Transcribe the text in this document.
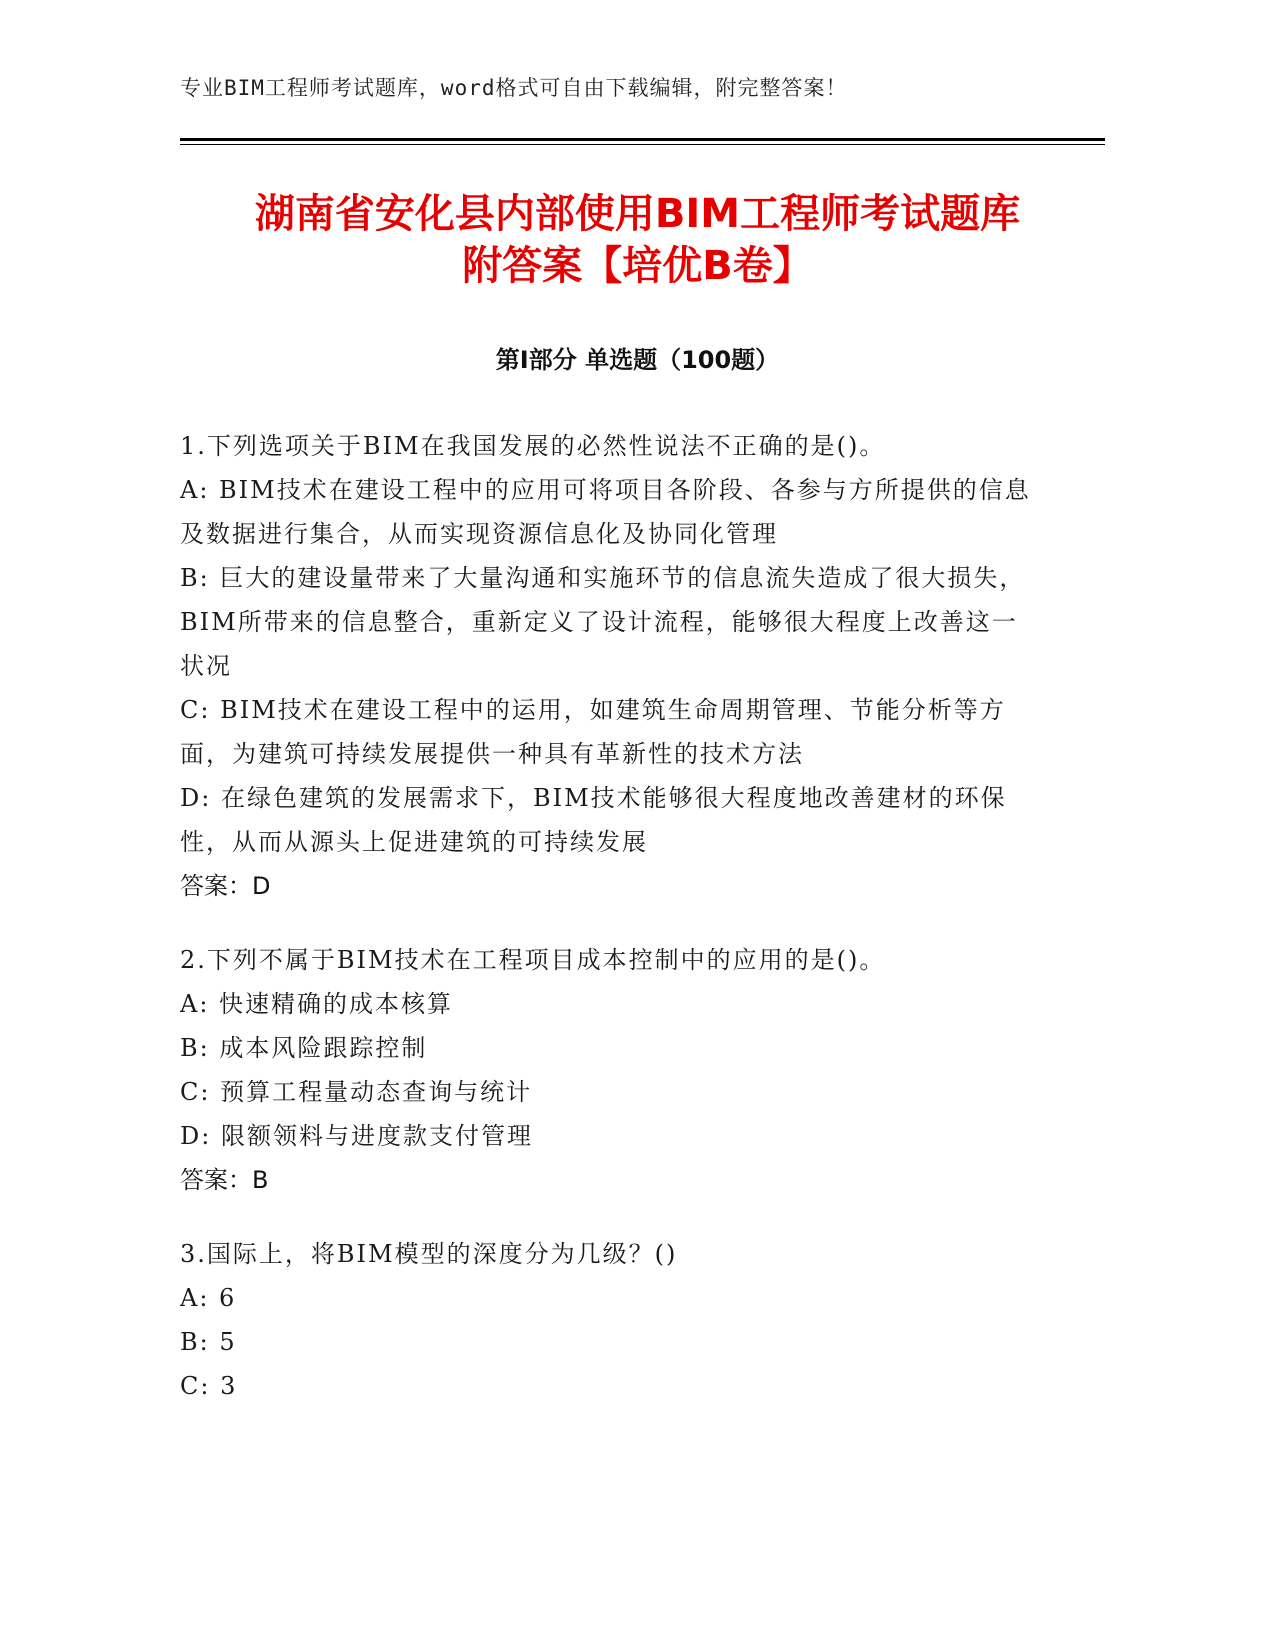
专业BIM工程师考试题库，word格式可自由下载编辑，附完整答案！
湖南省安化县内部使用BIM工程师考试题库
附答案【培优B卷】
第I部分 单选题（100题）
1.下列选项关于BIM在我国发展的必然性说法不正确的是()。
A: BIM技术在建设工程中的应用可将项目各阶段、各参与方所提供的信息及数据进行集合，从而实现资源信息化及协同化管理
B: 巨大的建设量带来了大量沟通和实施环节的信息流失造成了很大损失，BIM所带来的信息整合，重新定义了设计流程，能够很大程度上改善这一状况
C: BIM技术在建设工程中的运用，如建筑生命周期管理、节能分析等方面，为建筑可持续发展提供一种具有革新性的技术方法
D: 在绿色建筑的发展需求下，BIM技术能够很大程度地改善建材的环保性，从而从源头上促进建筑的可持续发展
答案：D
2.下列不属于BIM技术在工程项目成本控制中的应用的是()。
A: 快速精确的成本核算
B: 成本风险跟踪控制
C: 预算工程量动态查询与统计
D: 限额领料与进度款支付管理
答案：B
3.国际上，将BIM模型的深度分为几级？()
A: 6
B: 5
C: 3
